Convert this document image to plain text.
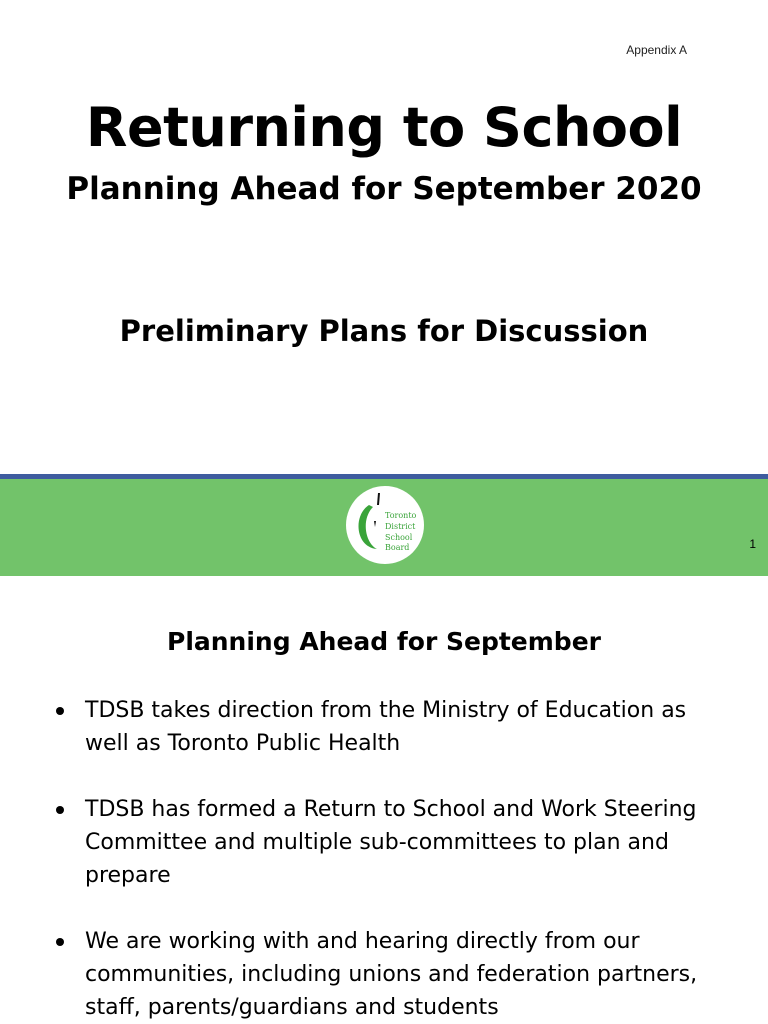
Appendix A
Returning to School
Planning Ahead for September 2020
Preliminary Plans for Discussion
Toronto
District
School
Board	1
Planning Ahead for September
TDSB takes direction from the Ministry of Education as
well as Toronto Public Health
TDSB has formed a Return to School and Work Steering
Committee and multiple sub-committees to plan and
prepare
We are working with and hearing directly from our
communities, including unions and federation partners,
staff, parents/guardians and students
